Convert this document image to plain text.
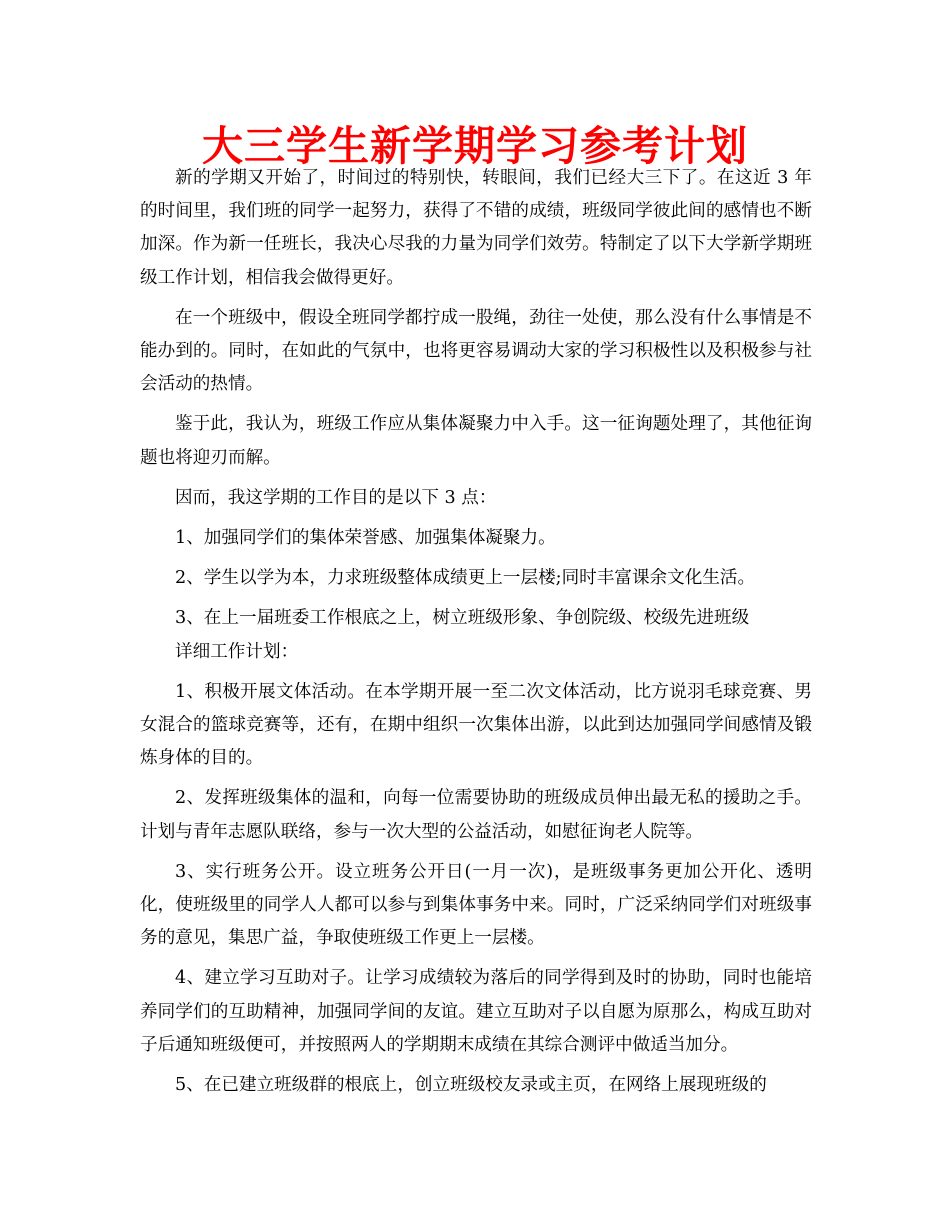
大三学生新学期学习参考计划

新的学期又开始了，时间过的特别快，转眼间，我们已经大三下了。在这近 3 年的时间里，我们班的同学一起努力，获得了不错的成绩，班级同学彼此间的感情也不断加深。作为新一任班长，我决心尽我的力量为同学们效劳。特制定了以下大学新学期班级工作计划，相信我会做得更好。

在一个班级中，假设全班同学都拧成一股绳，劲往一处使，那么没有什么事情是不能办到的。同时，在如此的气氛中，也将更容易调动大家的学习积极性以及积极参与社会活动的热情。

鉴于此，我认为，班级工作应从集体凝聚力中入手。这一征询题处理了，其他征询题也将迎刃而解。

因而，我这学期的工作目的是以下 3 点：

1、加强同学们的集体荣誉感、加强集体凝聚力。

2、学生以学为本，力求班级整体成绩更上一层楼;同时丰富课余文化生活。

3、在上一届班委工作根底之上，树立班级形象、争创院级、校级先进班级

详细工作计划：

1、积极开展文体活动。在本学期开展一至二次文体活动，比方说羽毛球竞赛、男女混合的篮球竞赛等，还有，在期中组织一次集体出游，以此到达加强同学间感情及锻炼身体的目的。

2、发挥班级集体的温和，向每一位需要协助的班级成员伸出最无私的援助之手。计划与青年志愿队联络，参与一次大型的公益活动，如慰征询老人院等。

3、实行班务公开。设立班务公开日(一月一次)，是班级事务更加公开化、透明化，使班级里的同学人人都可以参与到集体事务中来。同时，广泛采纳同学们对班级事务的意见，集思广益，争取使班级工作更上一层楼。

4、建立学习互助对子。让学习成绩较为落后的同学得到及时的协助，同时也能培养同学们的互助精神，加强同学间的友谊。建立互助对子以自愿为原那么，构成互助对子后通知班级便可，并按照两人的学期期末成绩在其综合测评中做适当加分。

5、在已建立班级群的根底上，创立班级校友录或主页，在网络上展现班级的
